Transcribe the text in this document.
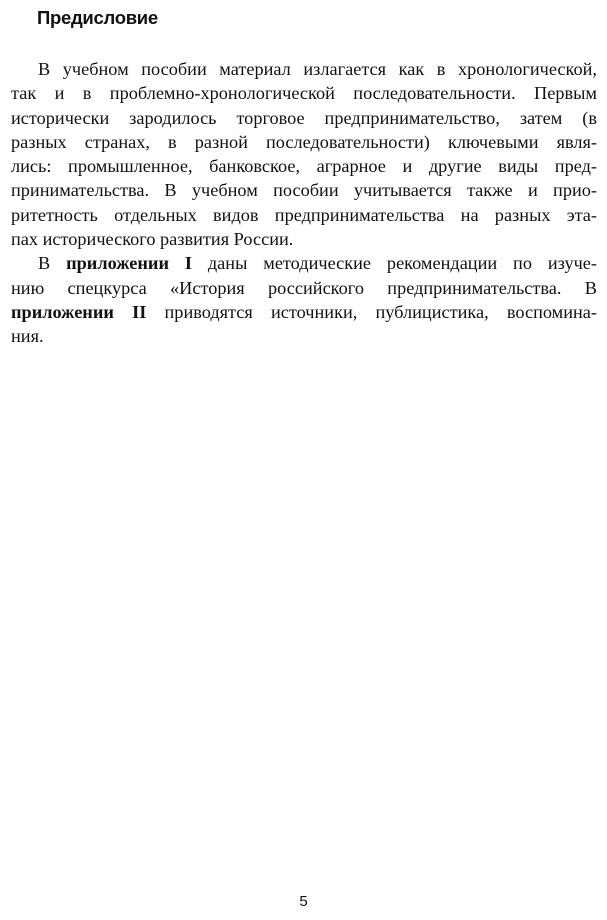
Предисловие

В учебном пособии материал излагается как в хронологической,
так и в проблемно-хронологической последовательности. Первым
исторически зародилось торговое предпринимательство, затем (в
разных странах, в разной последовательности) ключевыми явля-
лись: промышленное, банковское, аграрное и другие виды пред-
принимательства. В учебном пособии учитывается также и прио-
ритетность отдельных видов предпринимательства на разных эта-
пах исторического развития России.

В приложении I даны методические рекомендации по изуче-
нию спецкурса «История российского предпринимательства. В
приложении II приводятся источники, публицистика, воспомина-
ния.

5
